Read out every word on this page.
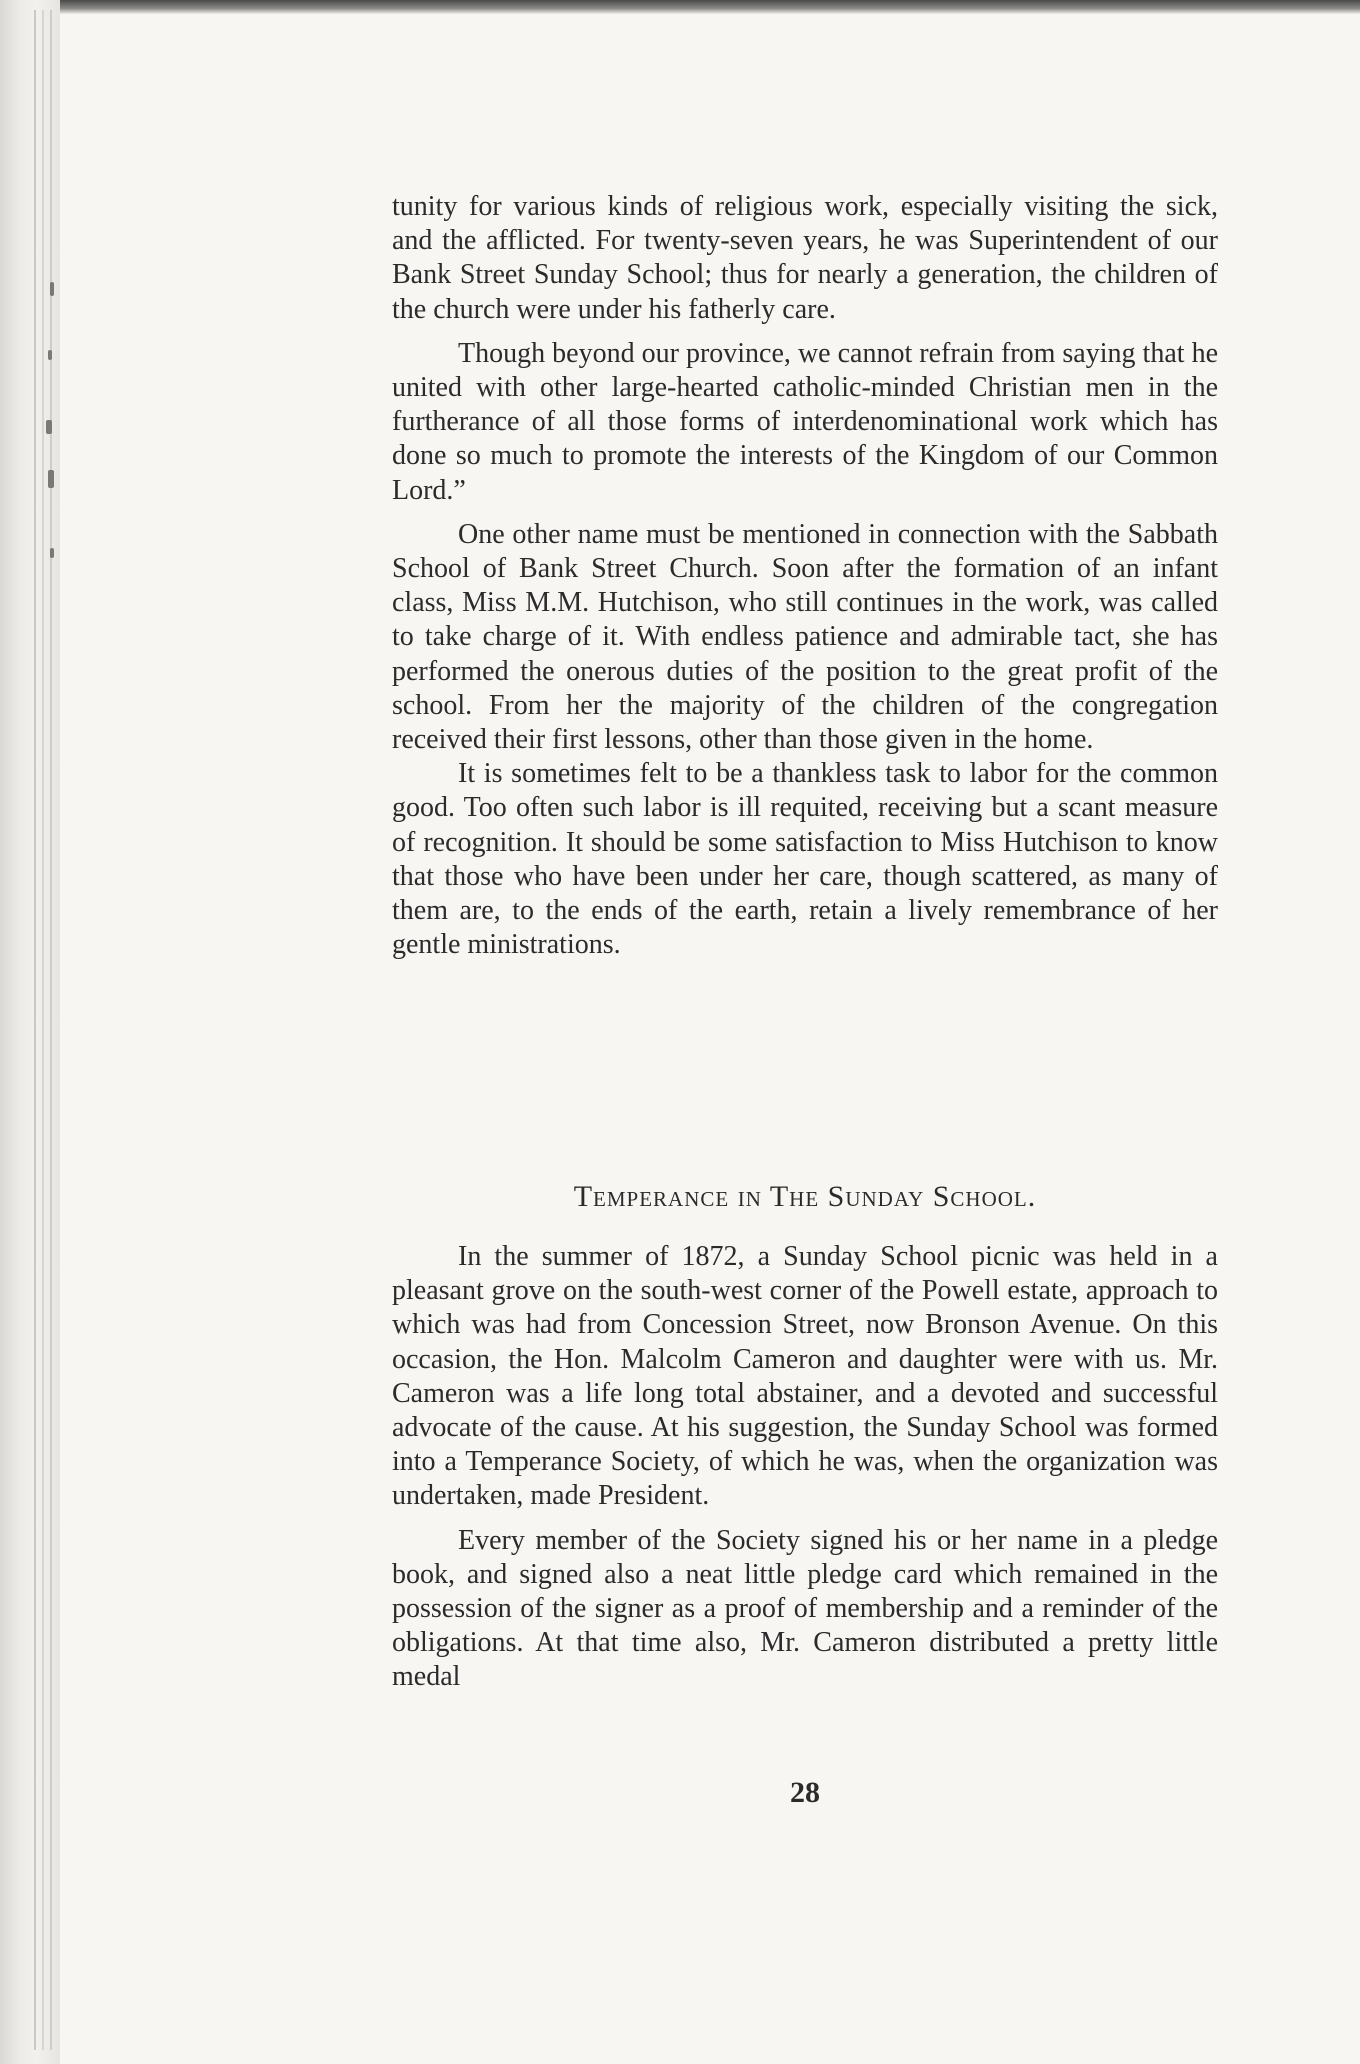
tunity for various kinds of religious work, especially visiting the sick, and the afflicted. For twenty-seven years, he was Superintendent of our Bank Street Sunday School; thus for nearly a generation, the children of the church were under his fatherly care.

Though beyond our province, we cannot refrain from saying that he united with other large-hearted catholic-minded Christian men in the furtherance of all those forms of interdenominational work which has done so much to promote the interests of the Kingdom of our Common Lord.”

One other name must be mentioned in connection with the Sabbath School of Bank Street Church. Soon after the formation of an infant class, Miss M.M. Hutchison, who still continues in the work, was called to take charge of it. With endless patience and admirable tact, she has performed the onerous duties of the position to the great profit of the school. From her the majority of the children of the congregation received their first lessons, other than those given in the home.

It is sometimes felt to be a thankless task to labor for the common good. Too often such labor is ill requited, receiving but a scant measure of recognition. It should be some satisfaction to Miss Hutchison to know that those who have been under her care, though scattered, as many of them are, to the ends of the earth, retain a lively remembrance of her gentle ministrations.

Temperance in The Sunday School.

In the summer of 1872, a Sunday School picnic was held in a pleasant grove on the south-west corner of the Powell estate, approach to which was had from Concession Street, now Bronson Avenue. On this occasion, the Hon. Malcolm Cameron and daughter were with us. Mr. Cameron was a life long total abstainer, and a devoted and successful advocate of the cause. At his suggestion, the Sunday School was formed into a Temperance Society, of which he was, when the organization was undertaken, made President.

Every member of the Society signed his or her name in a pledge book, and signed also a neat little pledge card which remained in the possession of the signer as a proof of membership and a reminder of the obligations. At that time also, Mr. Cameron distributed a pretty little medal

28
